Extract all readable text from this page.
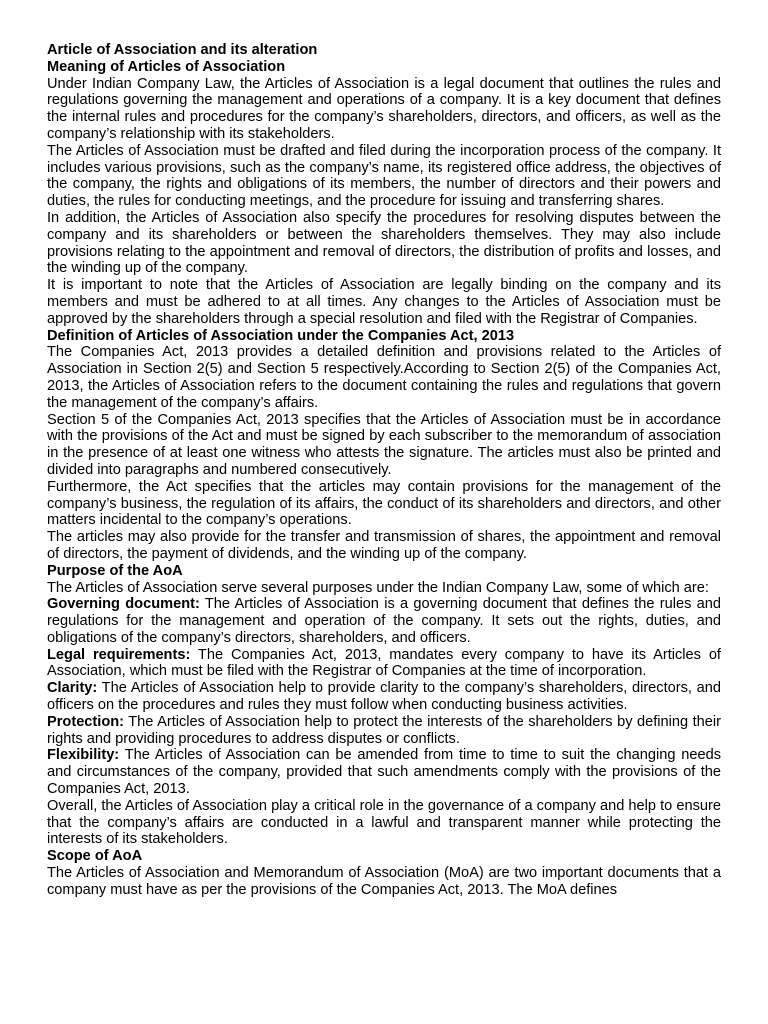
Article of Association and its alteration
Meaning of Articles of Association

Under Indian Company Law, the Articles of Association is a legal document that outlines the rules and regulations governing the management and operations of a company. It is a key document that defines the internal rules and procedures for the company’s shareholders, directors, and officers, as well as the company’s relationship with its stakeholders.

The Articles of Association must be drafted and filed during the incorporation process of the company. It includes various provisions, such as the company’s name, its registered office address, the objectives of the company, the rights and obligations of its members, the number of directors and their powers and duties, the rules for conducting meetings, and the procedure for issuing and transferring shares.

In addition, the Articles of Association also specify the procedures for resolving disputes between the company and its shareholders or between the shareholders themselves. They may also include provisions relating to the appointment and removal of directors, the distribution of profits and losses, and the winding up of the company.

It is important to note that the Articles of Association are legally binding on the company and its members and must be adhered to at all times. Any changes to the Articles of Association must be approved by the shareholders through a special resolution and filed with the Registrar of Companies.

Definition of Articles of Association under the Companies Act, 2013

The Companies Act, 2013 provides a detailed definition and provisions related to the Articles of Association in Section 2(5) and Section 5 respectively.According to Section 2(5) of the Companies Act, 2013, the Articles of Association refers to the document containing the rules and regulations that govern the management of the company’s affairs.

Section 5 of the Companies Act, 2013 specifies that the Articles of Association must be in accordance with the provisions of the Act and must be signed by each subscriber to the memorandum of association in the presence of at least one witness who attests the signature. The articles must also be printed and divided into paragraphs and numbered consecutively.

Furthermore, the Act specifies that the articles may contain provisions for the management of the company’s business, the regulation of its affairs, the conduct of its shareholders and directors, and other matters incidental to the company’s operations.

The articles may also provide for the transfer and transmission of shares, the appointment and removal of directors, the payment of dividends, and the winding up of the company.

Purpose of the AoA

The Articles of Association serve several purposes under the Indian Company Law, some of which are:

Governing document: The Articles of Association is a governing document that defines the rules and regulations for the management and operation of the company. It sets out the rights, duties, and obligations of the company’s directors, shareholders, and officers.

Legal requirements: The Companies Act, 2013, mandates every company to have its Articles of Association, which must be filed with the Registrar of Companies at the time of incorporation.

Clarity: The Articles of Association help to provide clarity to the company’s shareholders, directors, and officers on the procedures and rules they must follow when conducting business activities.

Protection: The Articles of Association help to protect the interests of the shareholders by defining their rights and providing procedures to address disputes or conflicts.

Flexibility: The Articles of Association can be amended from time to time to suit the changing needs and circumstances of the company, provided that such amendments comply with the provisions of the Companies Act, 2013.

Overall, the Articles of Association play a critical role in the governance of a company and help to ensure that the company’s affairs are conducted in a lawful and transparent manner while protecting the interests of its stakeholders.

Scope of AoA

The Articles of Association and Memorandum of Association (MoA) are two important documents that a company must have as per the provisions of the Companies Act, 2013. The MoA defines
